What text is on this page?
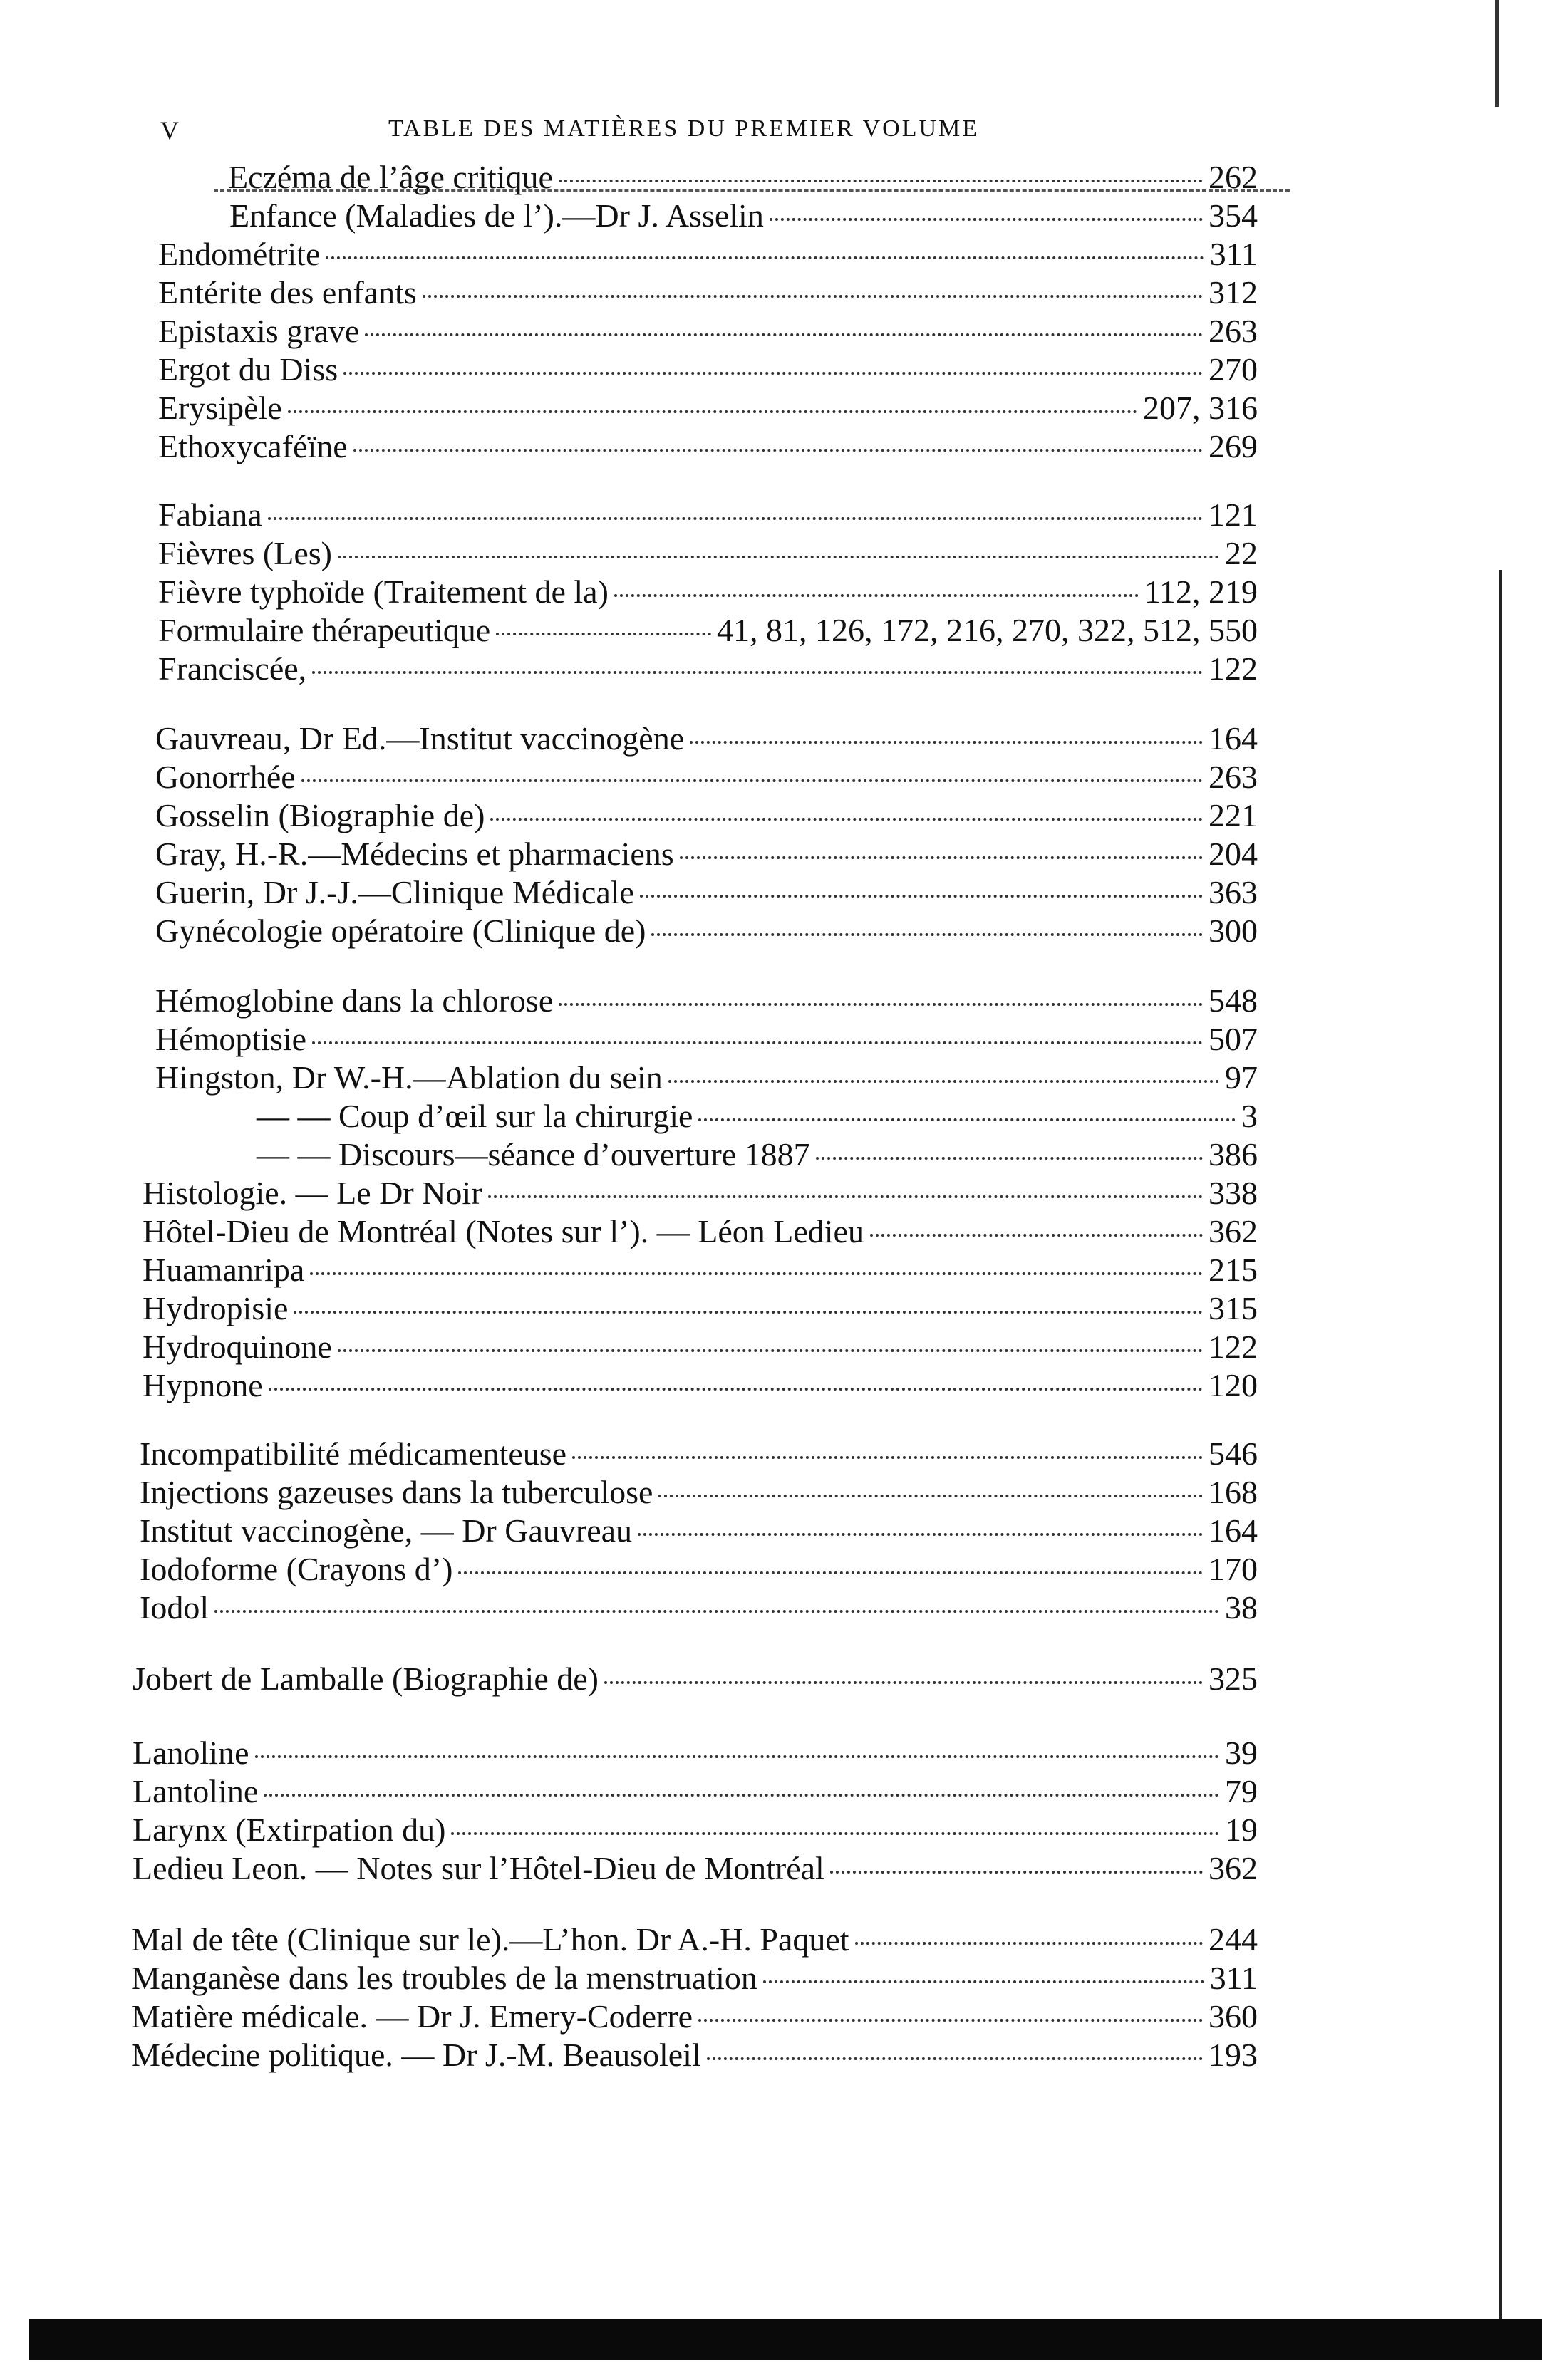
V	TABLE DES MATIÈRES DU PREMIER VOLUME
Eczéma de l’âge critique	262
Enfance (Maladies de l’).—Dr J. Asselin	354
Endométrite	311
Entérite des enfants	312
Epistaxis grave	263
Ergot du Diss	270
Erysipèle	207, 316
Ethoxycaféïne	269
Fabiana	121
Fièvres (Les)	22
Fièvre typhoïde (Traitement de la)	112, 219
Formulaire thérapeutique	41, 81, 126, 172, 216, 270, 322, 512, 550
Franciscée,	122
Gauvreau, Dr Ed.—Institut vaccinogène	164
Gonorrhée	263
Gosselin (Biographie de)	221
Gray, H.-R.—Médecins et pharmaciens	204
Guerin, Dr J.-J.—Clinique Médicale	363
Gynécologie opératoire (Clinique de)	300
Hémoglobine dans la chlorose	548
Hémoptisie	507
Hingston, Dr W.-H.—Ablation du sein	97
— — Coup d’œil sur la chirurgie	3
— — Discours—séance d’ouverture 1887	386
Histologie. — Le Dr Noir	338
Hôtel-Dieu de Montréal (Notes sur l’). — Léon Ledieu	362
Huamanripa	215
Hydropisie	315
Hydroquinone	122
Hypnone	120
Incompatibilité médicamenteuse	546
Injections gazeuses dans la tuberculose	168
Institut vaccinogène, — Dr Gauvreau	164
Iodoforme (Crayons d’)	170
Iodol	38
Jobert de Lamballe (Biographie de)	325
Lanoline	39
Lantoline	79
Larynx (Extirpation du)	19
Ledieu Leon. — Notes sur l’Hôtel-Dieu de Montréal	362
Mal de tête (Clinique sur le).—L’hon. Dr A.-H. Paquet	244
Manganèse dans les troubles de la menstruation	311
Matière médicale. — Dr J. Emery-Coderre	360
Médecine politique. — Dr J.-M. Beausoleil	193
